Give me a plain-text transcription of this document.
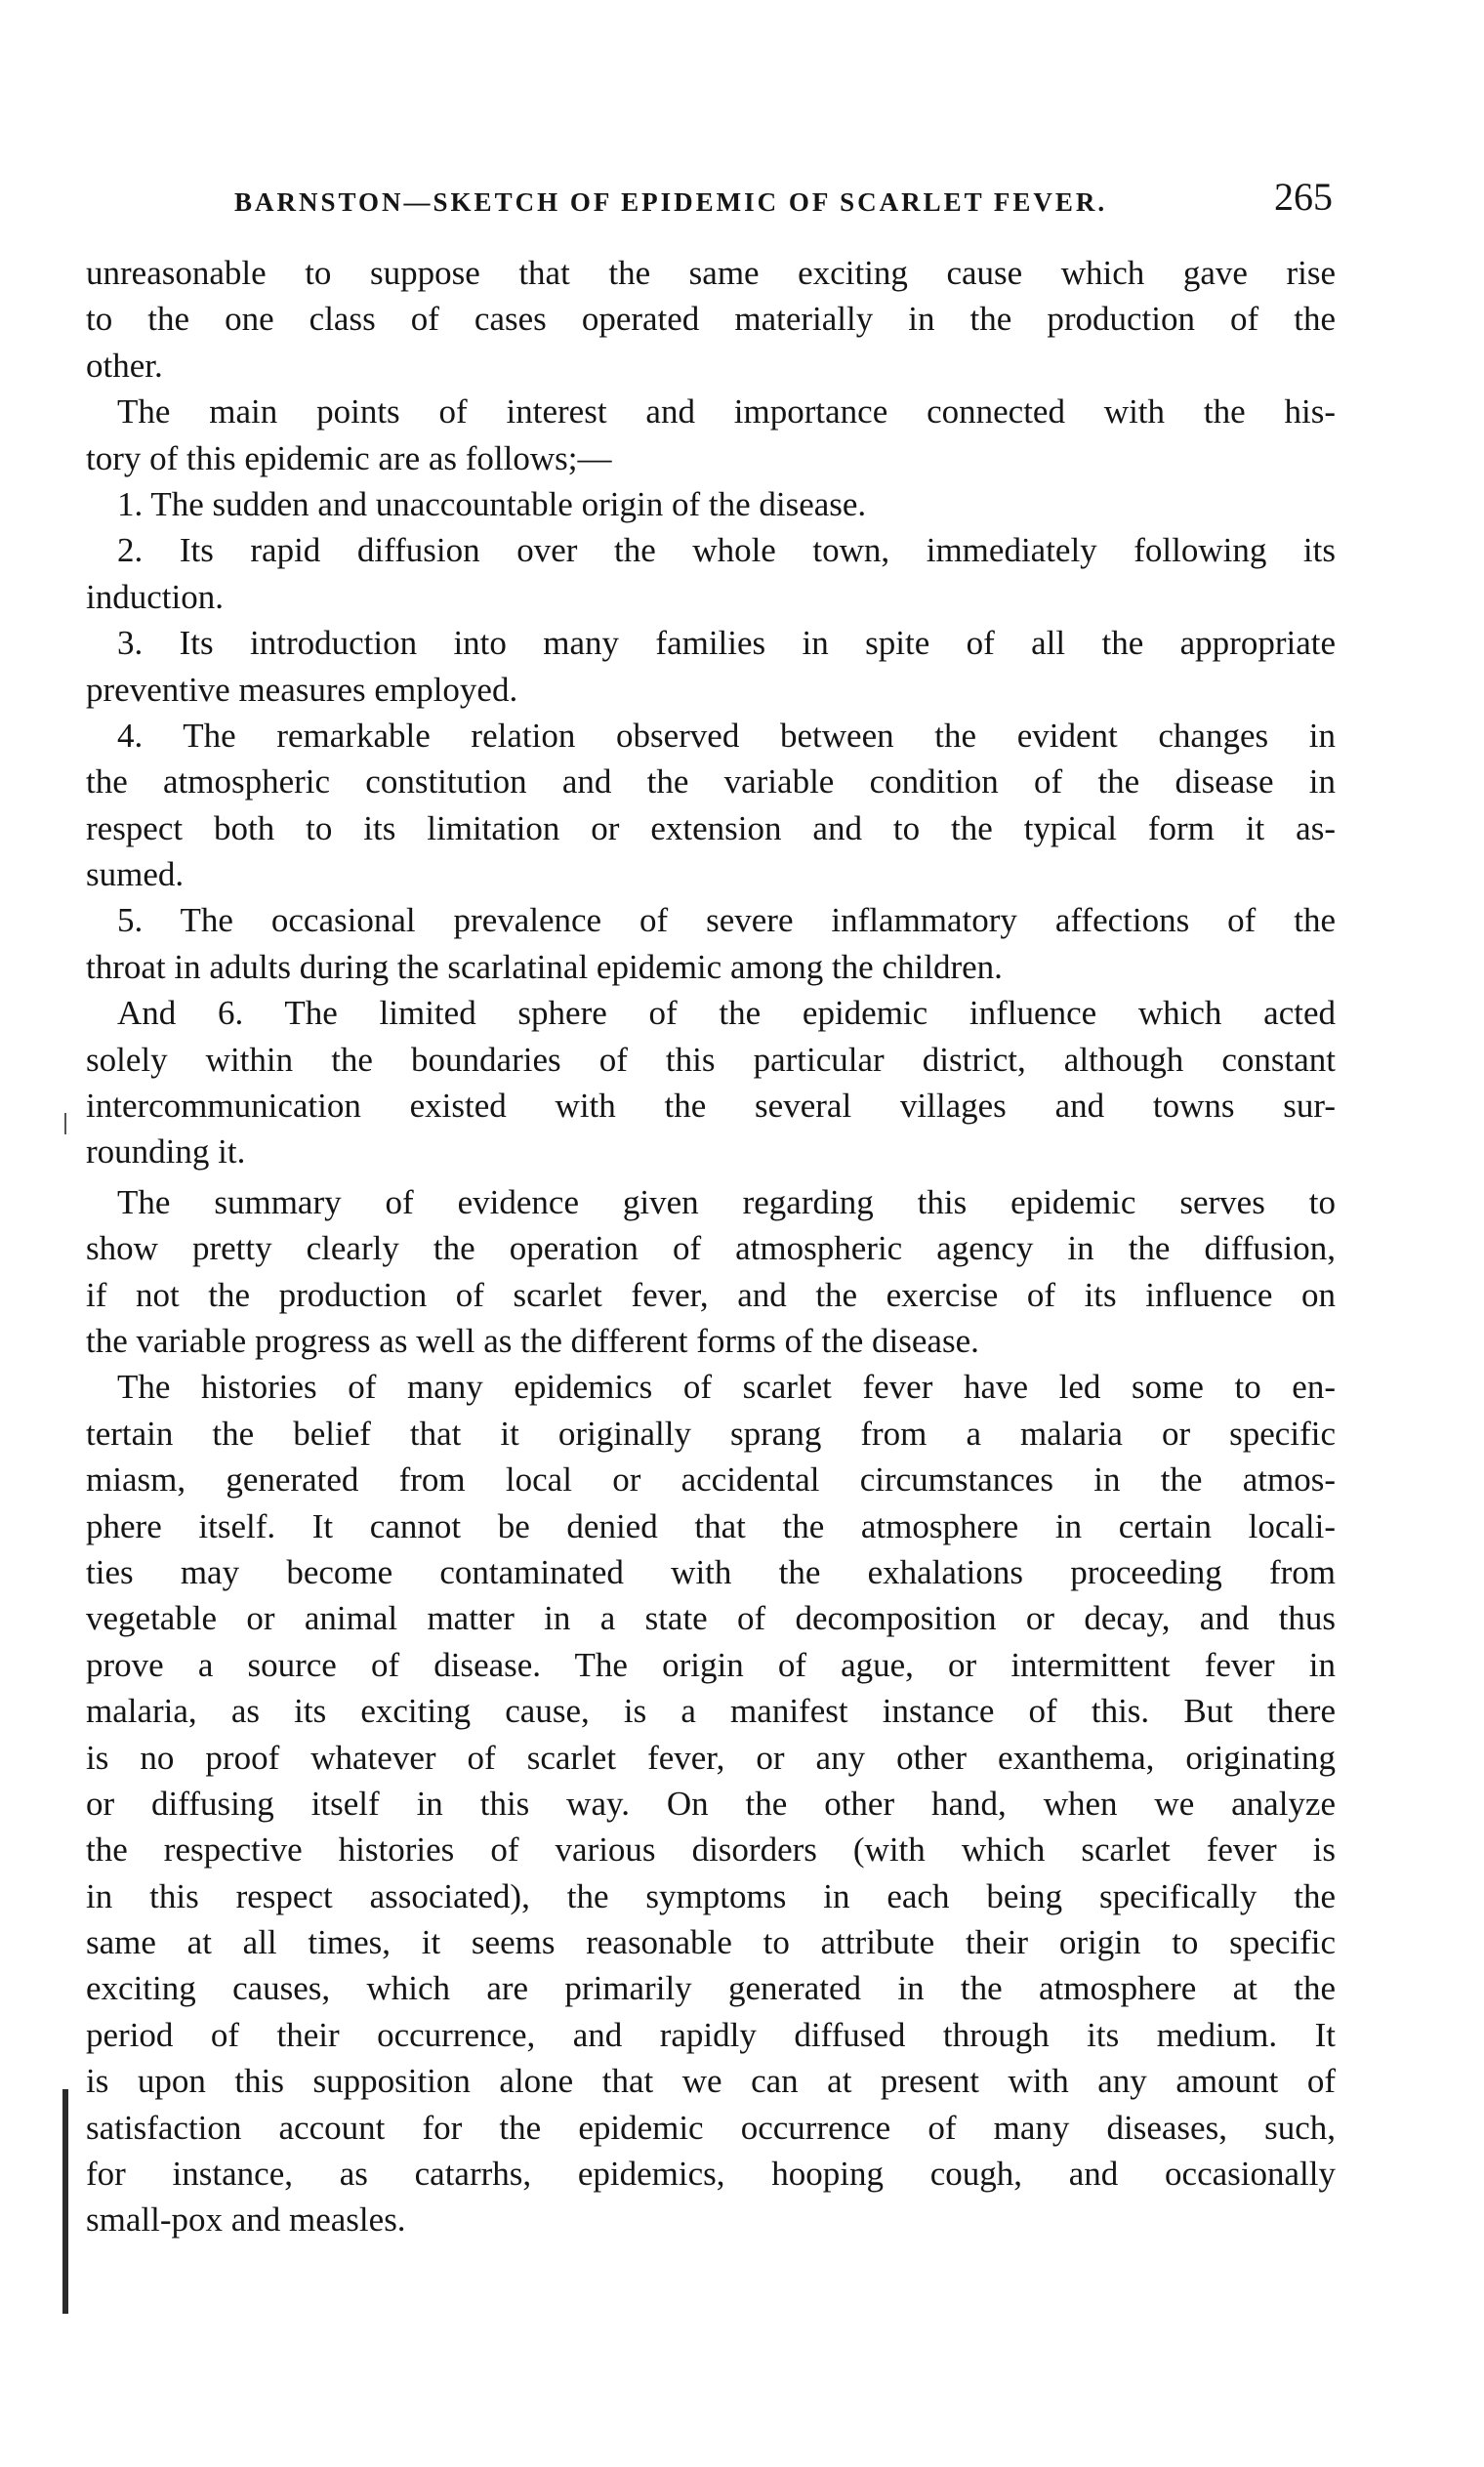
BARNSTON—SKETCH OF EPIDEMIC OF SCARLET FEVER.	265
unreasonable to suppose that the same exciting cause which gave rise
to the one class of cases operated materially in the production of the
other.
The main points of interest and importance connected with the his-
tory of this epidemic are as follows;—
1. The sudden and unaccountable origin of the disease.
2. Its rapid diffusion over the whole town, immediately following its
induction.
3. Its introduction into many families in spite of all the appropriate
preventive measures employed.
4. The remarkable relation observed between the evident changes in
the atmospheric constitution and the variable condition of the disease in
respect both to its limitation or extension and to the typical form it as-
sumed.
5. The occasional prevalence of severe inflammatory affections of the
throat in adults during the scarlatinal epidemic among the children.
And 6. The limited sphere of the epidemic influence which acted
solely within the boundaries of this particular district, although constant
intercommunication existed with the several villages and towns sur-
rounding it.
The summary of evidence given regarding this epidemic serves to
show pretty clearly the operation of atmospheric agency in the diffusion,
if not the production of scarlet fever, and the exercise of its influence on
the variable progress as well as the different forms of the disease.
The histories of many epidemics of scarlet fever have led some to en-
tertain the belief that it originally sprang from a malaria or specific
miasm, generated from local or accidental circumstances in the atmos-
phere itself. It cannot be denied that the atmosphere in certain locali-
ties may become contaminated with the exhalations proceeding from
vegetable or animal matter in a state of decomposition or decay, and thus
prove a source of disease. The origin of ague, or intermittent fever in
malaria, as its exciting cause, is a manifest instance of this. But there
is no proof whatever of scarlet fever, or any other exanthema, originating
or diffusing itself in this way. On the other hand, when we analyze
the respective histories of various disorders (with which scarlet fever is
in this respect associated), the symptoms in each being specifically the
same at all times, it seems reasonable to attribute their origin to specific
exciting causes, which are primarily generated in the atmosphere at the
period of their occurrence, and rapidly diffused through its medium. It
is upon this supposition alone that we can at present with any amount of
satisfaction account for the epidemic occurrence of many diseases, such,
for instance, as catarrhs, epidemics, hooping cough, and occasionally
small-pox and measles.
